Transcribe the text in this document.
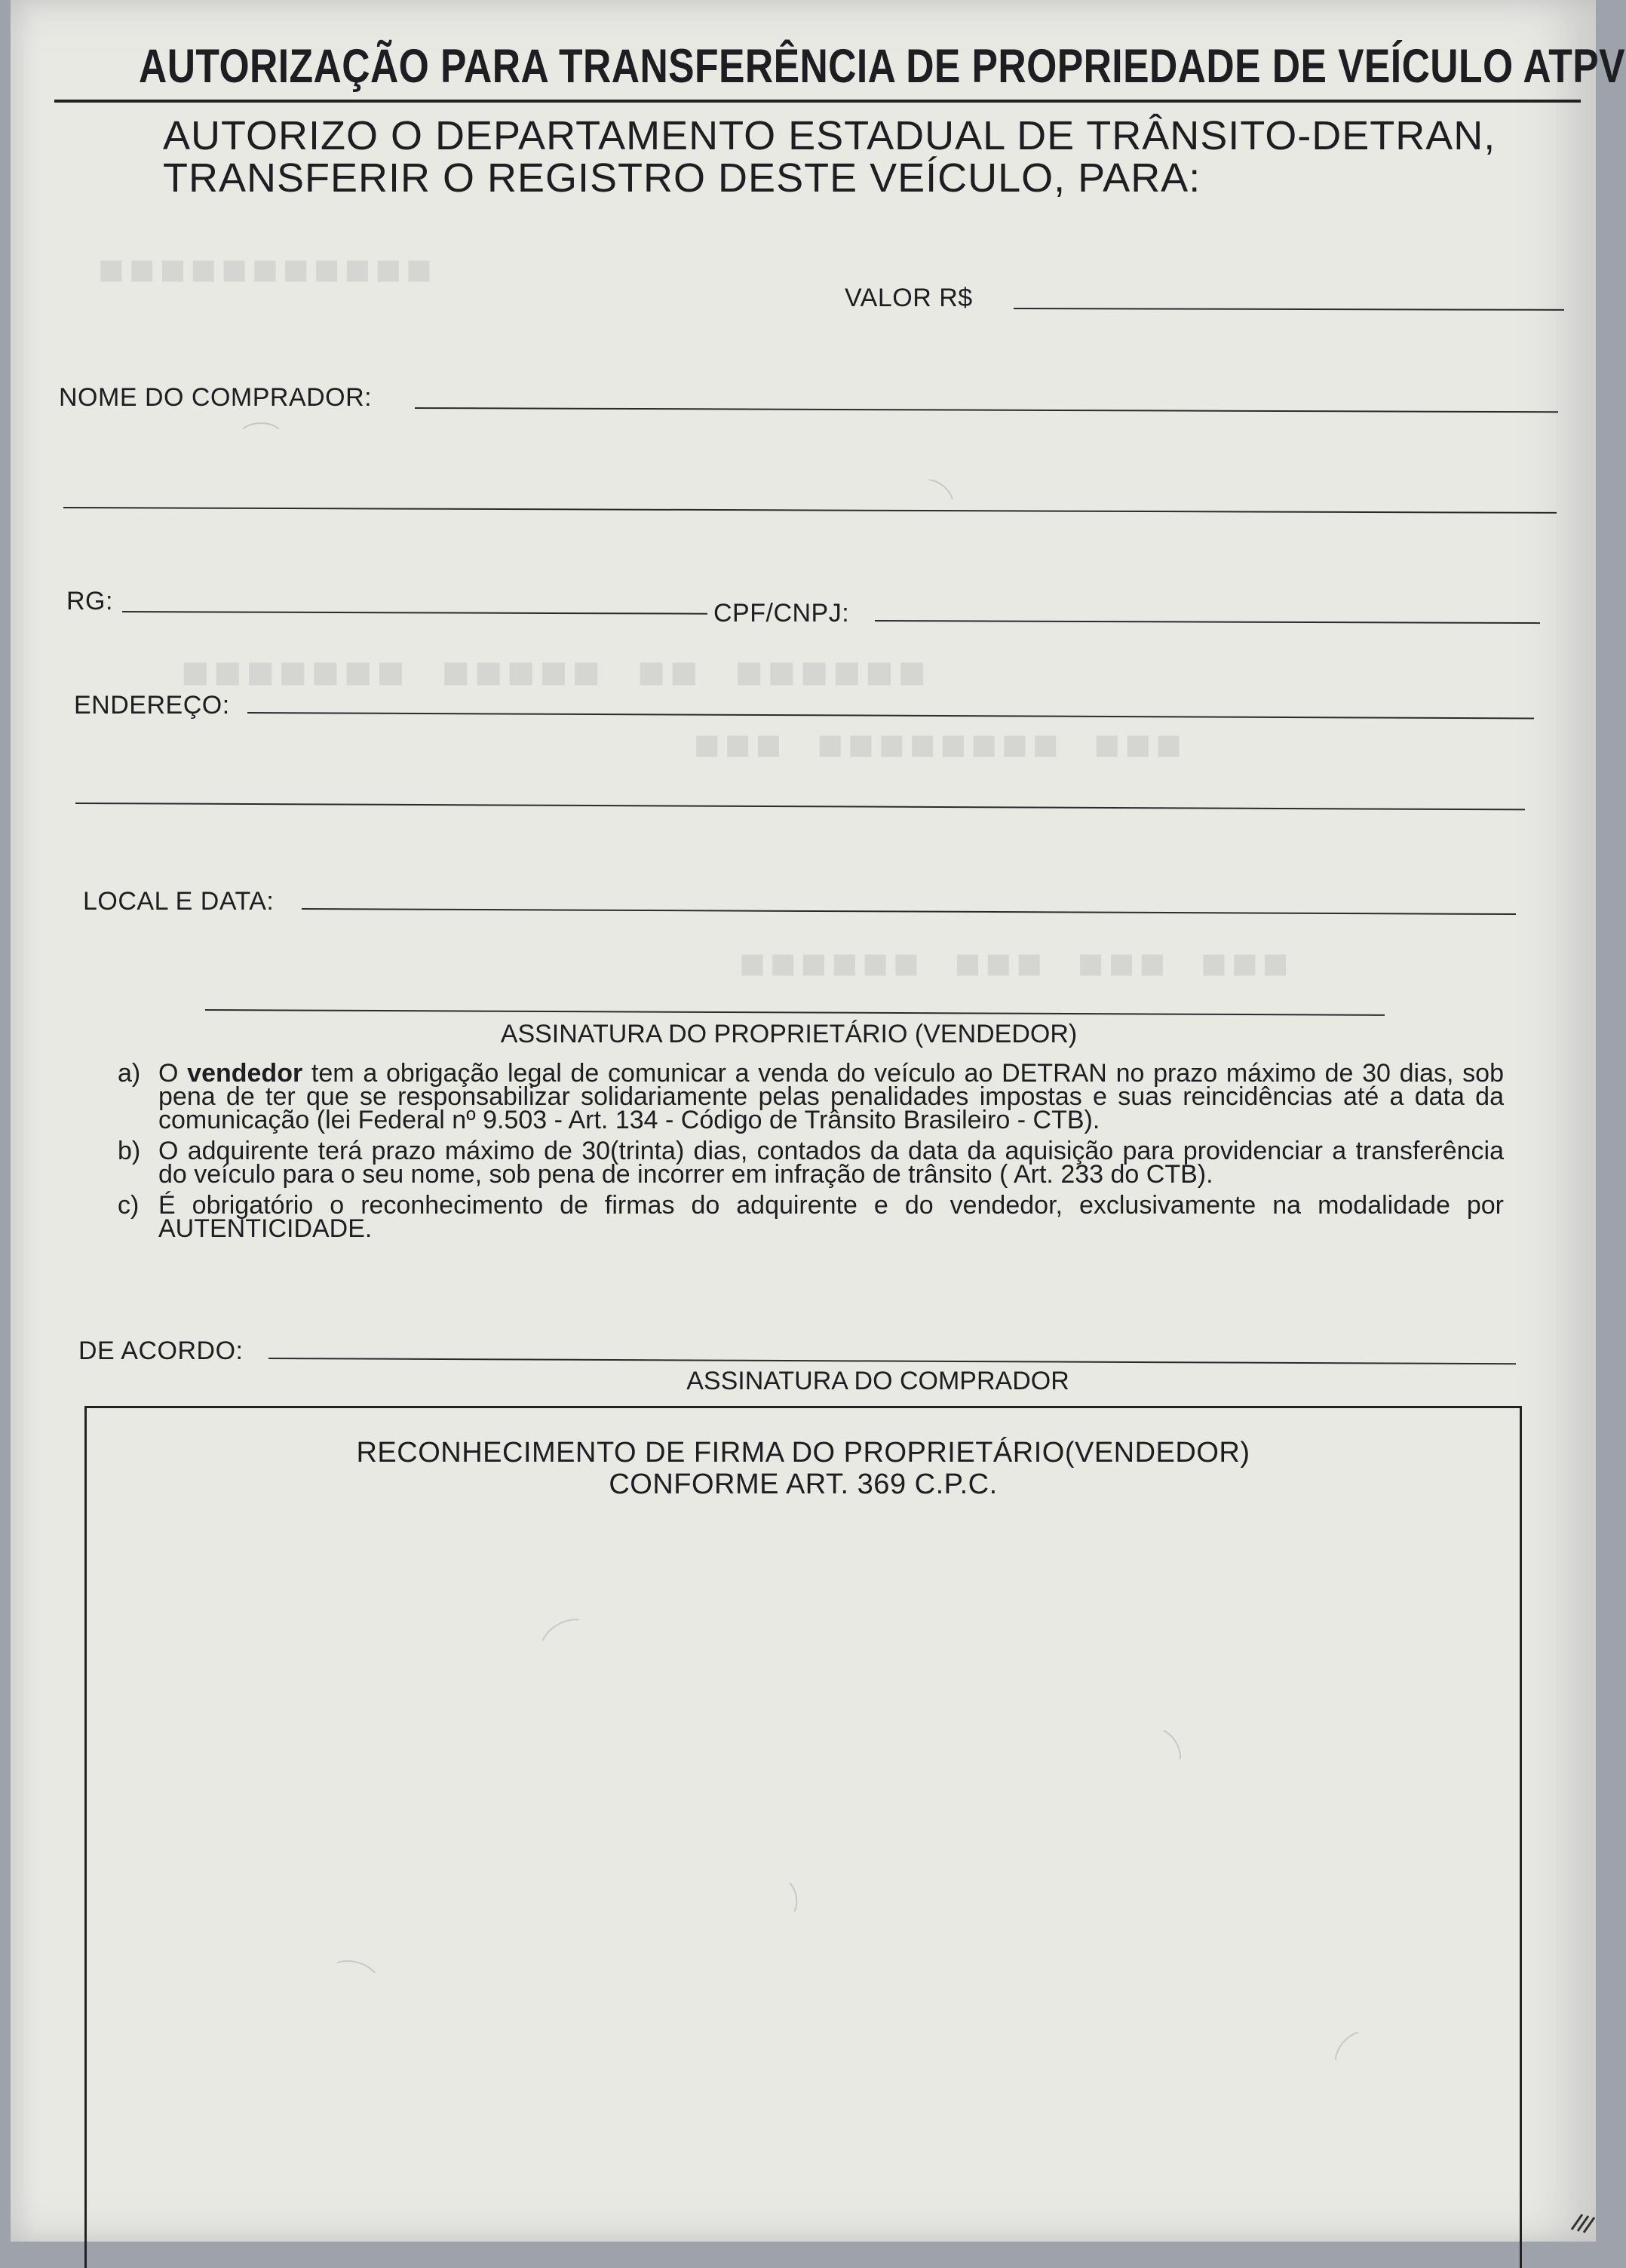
■■■■■■■■■■■
■■■■■■ ■■ ■■■■■ ■■■■■■■
■■■ ■■■■■■■■ ■■■
■■■ ■■■ ■■■ ■■■■■■
AUTORIZAÇÃO PARA TRANSFERÊNCIA DE PROPRIEDADE DE VEÍCULO ATPV
AUTORIZO O DEPARTAMENTO ESTADUAL DE TRÂNSITO-DETRAN,
TRANSFERIR O REGISTRO DESTE VEÍCULO, PARA:
VALOR R$
NOME DO COMPRADOR:
RG:	CPF/CNPJ:
ENDEREÇO:
LOCAL E DATA:
ASSINATURA DO PROPRIETÁRIO (VENDEDOR)
a) O vendedor tem a obrigação legal de comunicar a venda do veículo ao DETRAN no prazo máximo de 30 dias, sob pena de ter que se responsabilizar solidariamente pelas penalidades impostas e suas reincidências até a data da comunicação (lei Federal nº 9.503 - Art. 134 - Código de Trânsito Brasileiro - CTB).
b) O adquirente terá prazo máximo de 30(trinta) dias, contados da data da aquisição para providenciar a transferência do veículo para o seu nome, sob pena de incorrer em infração de trânsito ( Art. 233 do CTB).
c) É obrigatório o reconhecimento de firmas do adquirente e do vendedor, exclusivamente na modalidade por AUTENTICIDADE.
DE ACORDO:
ASSINATURA DO COMPRADOR
RECONHECIMENTO DE FIRMA DO PROPRIETÁRIO(VENDEDOR)
CONFORME ART. 369 C.P.C.
